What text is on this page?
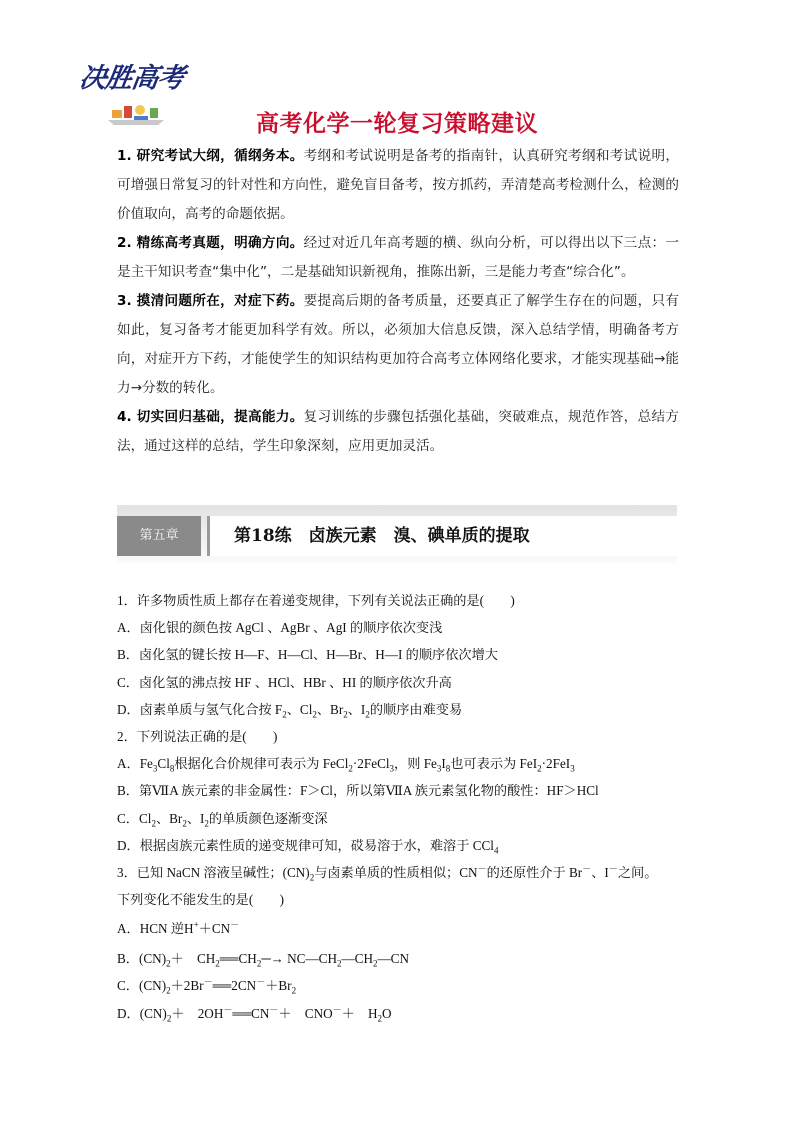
决胜高考
高考化学一轮复习策略建议

1. 研究考试大纲，循纲务本。考纲和考试说明是备考的指南针，认真研究考纲和考试说明，可增强日常复习的针对性和方向性，避免盲目备考，按方抓药，弄清楚高考检测什么，检测的价值取向，高考的命题依据。

2. 精练高考真题，明确方向。经过对近几年高考题的横、纵向分析，可以得出以下三点：一是主干知识考查“集中化”，二是基础知识新视角，推陈出新，三是能力考查“综合化”。

3. 摸清问题所在，对症下药。要提高后期的备考质量，还要真正了解学生存在的问题，只有如此，复习备考才能更加科学有效。所以，必须加大信息反馈，深入总结学情，明确备考方向，对症开方下药，才能使学生的知识结构更加符合高考立体网络化要求，才能实现基础→能力→分数的转化。

4. 切实回归基础，提高能力。复习训练的步骤包括强化基础，突破难点，规范作答，总结方法，通过这样的总结，学生印象深刻，应用更加灵活。

第五章	第18练　卤族元素　溴、碘单质的提取
1．许多物质性质上都存在着递变规律，下列有关说法正确的是(　　)
A．卤化银的颜色按 AgCl 、AgBr 、AgI 的顺序依次变浅
B．卤化氢的键长按 H—F、H—Cl、H—Br、H—I 的顺序依次增大
C．卤化氢的沸点按 HF 、HCl、HBr 、HI 的顺序依次升高
D．卤素单质与氢气化合按 $F_2$、$Cl_2$、$Br_2$、$I_2$的顺序由难变易
2．下列说法正确的是(　　)
A．$Fe_3Cl_8$根据化合价规律可表示为 FeCl$_2$·2FeCl$_3$，则 $Fe_3I_8$也可表示为 FeI$_2$·2FeI$_3$
B．第ⅦA 族元素的非金属性：F＞Cl，所以第ⅦA 族元素氢化物的酸性：HF＞HCl
C．$Cl_2$、$Br_2$、$I_2$的单质颜色逐渐变深
D．根据卤族元素性质的递变规律可知，砹易溶于水，难溶于 CCl$_4$
3．已知 NaCN 溶液呈碱性；$(CN)_2$与卤素单质的性质相似；CN－的还原性介于 Br－、I－之间。
下列变化不能发生的是(　　)
A．HCN 逆H+＋CN－
B．$(CN)_2+$　$CH_2══CH_2─\to$ $NC—CH_2—CH_2—CN$
C．$(CN)_2+2Br^-══2CN^-+Br_2$
D．$(CN)_2+$　2OH－══CN－＋　CNO－＋　$H_2O$
